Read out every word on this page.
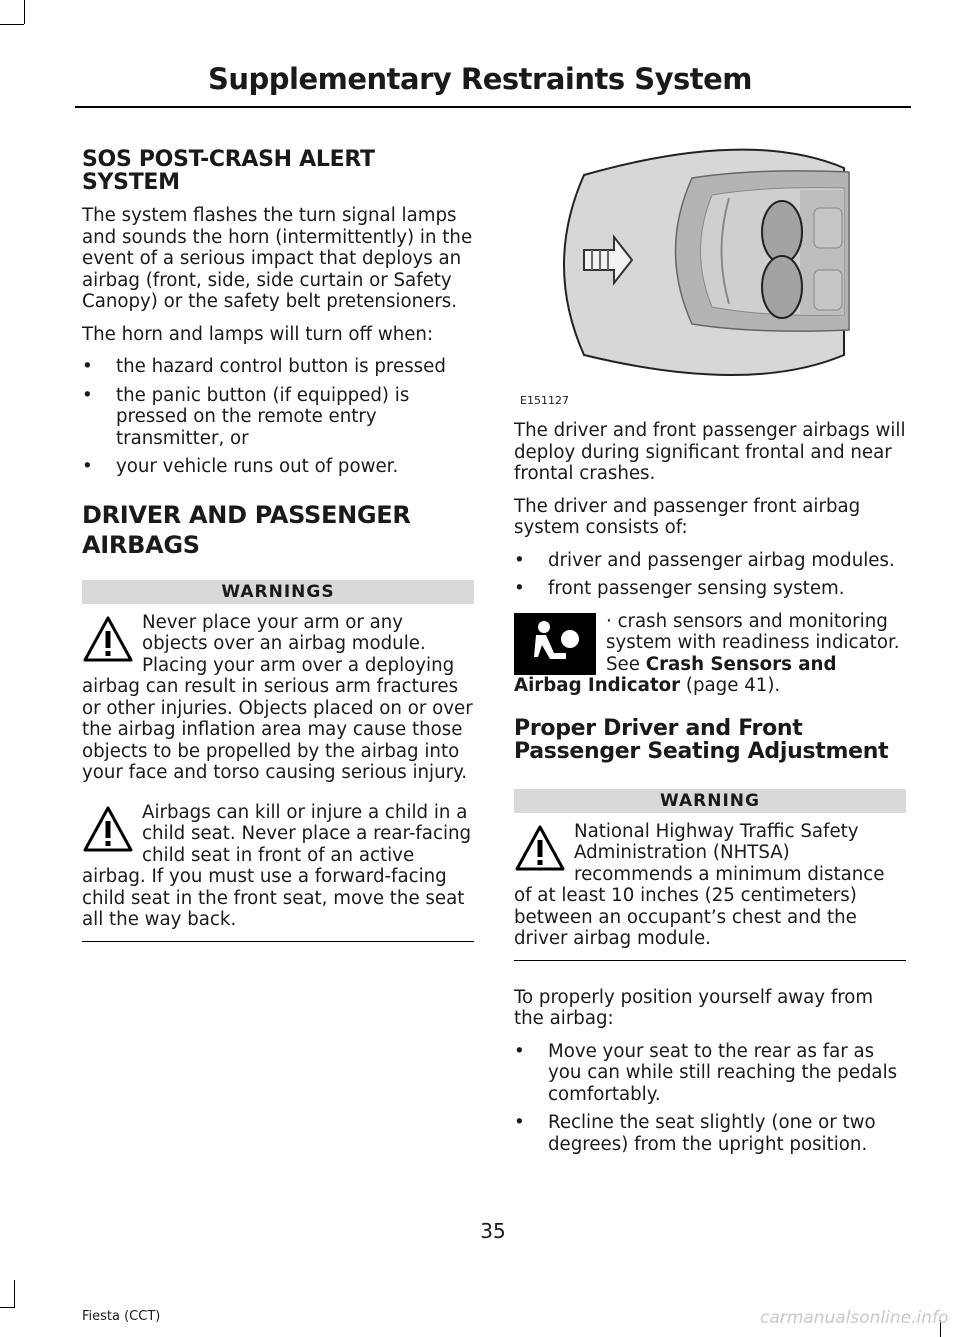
Supplementary Restraints System
SOS POST-CRASH ALERT SYSTEM

The system flashes the turn signal lamps and sounds the horn (intermittently) in the event of a serious impact that deploys an airbag (front, side, side curtain or Safety Canopy) or the safety belt pretensioners.

The horn and lamps will turn off when:

• the hazard control button is pressed
• the panic button (if equipped) is pressed on the remote entry transmitter, or
• your vehicle runs out of power.
DRIVER AND PASSENGER
AIRBAGS
WARNINGS
Never place your arm or any objects over an airbag module. Placing your arm over a deploying airbag can result in serious arm fractures or other injuries. Objects placed on or over the airbag inflation area may cause those objects to be propelled by the airbag into your face and torso causing serious injury.
Airbags can kill or injure a child in a child seat. Never place a rear-facing child seat in front of an active airbag. If you must use a forward-facing child seat in the front seat, move the seat all the way back.
E151127

The driver and front passenger airbags will deploy during significant frontal and near frontal crashes.

The driver and passenger front airbag system consists of:

• driver and passenger airbag modules.
• front passenger sensing system.

· crash sensors and monitoring system with readiness indicator. See Crash Sensors and Airbag Indicator (page 41).

Proper Driver and Front Passenger Seating Adjustment
WARNING
National Highway Traffic Safety Administration (NHTSA) recommends a minimum distance of at least 10 inches (25 centimeters) between an occupant’s chest and the driver airbag module.

To properly position yourself away from the airbag:

• Move your seat to the rear as far as you can while still reaching the pedals comfortably.
• Recline the seat slightly (one or two degrees) from the upright position.
35
Fiesta (CCT)	carmanualsonline.info
